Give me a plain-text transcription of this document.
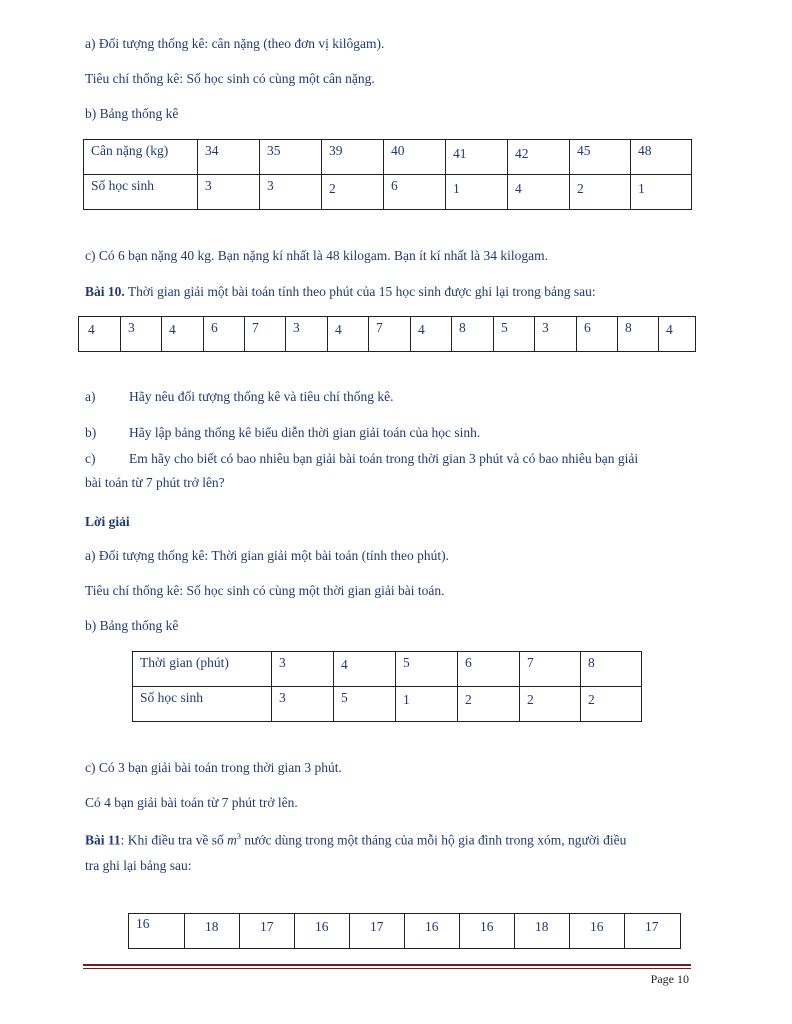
a) Đối tượng thống kê: cân nặng (theo đơn vị kilôgam).
Tiêu chí thống kê: Số học sinh có cùng một cân nặng.
b) Bảng thống kê
Cân nặng (kg)	34	35	39	40	41	42	45	48

Số học sinh	3	3	2	6	1	4	2	1
c) Có 6 bạn nặng 40 kg. Bạn nặng kí nhất là 48 kilogam. Bạn ít kí nhất là 34 kilogam.
Bài 10. Thời gian giải một bài toán tính theo phút của 15 học sinh được ghi lại trong bảng sau:
4	3	4	6	7	3	4	7	4	8	5	3	6	8	4
a) Hãy nêu đối tượng thống kê và tiêu chí thống kê.
b) Hãy lập bảng thống kê biểu diễn thời gian giải toán của học sinh.
c) Em hãy cho biết có bao nhiêu bạn giải bài toán trong thời gian 3 phút và có bao nhiêu bạn giải
bài toán từ 7 phút trở lên?
Lời giải
a) Đối tượng thống kê: Thời gian giải một bài toán (tính theo phút).
Tiêu chí thống kê: Số học sinh có cùng một thời gian giải bài toán.
b) Bảng thống kê
Thời gian (phút)	3	4	5	6	7	8

Số học sinh	3	5	1	2	2	2
c) Có 3 bạn giải bài toán trong thời gian 3 phút.
Có 4 bạn giải bài toán từ 7 phút trở lên.
Bài 11: Khi điều tra về số $m^3$ nước dùng trong một tháng của mỗi hộ gia đình trong xóm, người điều
tra ghi lại bảng sau:
16	18	17	16	17	16	16	18	16	17
Page 10
